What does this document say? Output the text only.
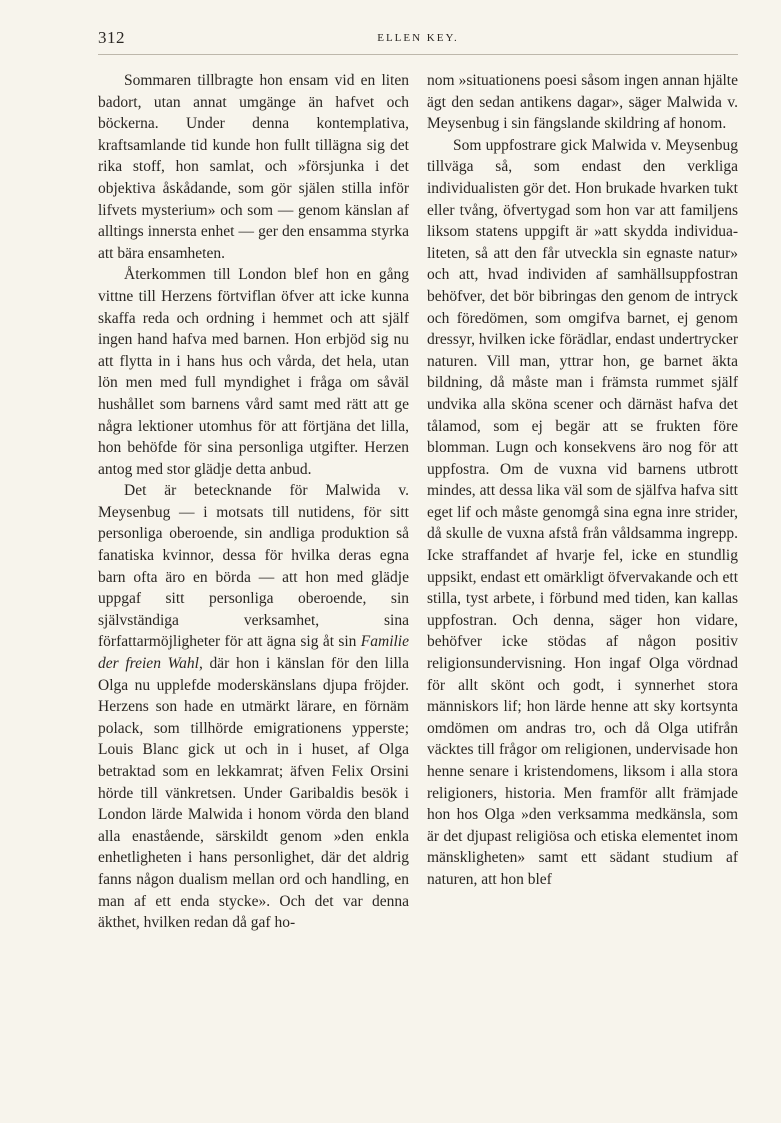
312	ELLEN KEY.

Sommaren tillbragte hon ensam vid en liten badort, utan annat umgänge än hafvet och böckerna. Under denna kontemplativa, kraftsamlande tid kunde hon fullt tillägna sig det rika stoff, hon samlat, och »försjunka i det objektiva åskådande, som gör själen stilla inför lifvets mysterium» och som — genom känslan af alltings innersta enhet — ger den ensamma styrka att bära ensamheten.

Återkommen till London blef hon en gång vittne till Herzens förtviflan öfver att icke kunna skaffa reda och ordning i hemmet och att själf ingen hand hafva med barnen. Hon erbjöd sig nu att flytta in i hans hus och vårda, det hela, utan lön men med full myndighet i fråga om såväl hushållet som barnens vård samt med rätt att ge några lektioner utomhus för att förtjäna det lilla, hon behöfde för sina personliga utgifter. Herzen antog med stor glädje detta anbud.

Det är betecknande för Malwida v. Meysenbug — i motsats till nutidens, för sitt personliga oberoende, sin andliga produktion så fanatiska kvinnor, dessa för hvilka deras egna barn ofta äro en börda — att hon med glädje uppgaf sitt personliga oberoende, sin självständiga verksamhet, sina författarmöjligheter för att ägna sig åt sin Familie der freien Wahl, där hon i känslan för den lilla Olga nu upplefde moderskänslans djupa fröjder. Herzens son hade en utmärkt lärare, en förnäm polack, som tillhörde emigrationens ypperste; Louis Blanc gick ut och in i huset, af Olga betraktad som en lekkamrat; äfven Felix Orsini hörde till vänkretsen. Under Garibaldis besök i London lärde Malwida i honom vörda den bland alla enastående, särskildt genom »den enkla enhetligheten i hans personlighet, där det aldrig fanns någon dualism mellan ord och handling, en man af ett enda stycke». Och det var denna äkthet, hvilken redan då gaf ho-

nom »situationens poesi såsom ingen annan hjälte ägt den sedan antikens dagar», säger Malwida v. Meysenbug i sin fängslande skildring af honom.

Som uppfostrare gick Malwida v. Meysenbug tillväga så, som endast den verkliga individualisten gör det. Hon brukade hvarken tukt eller tvång, öfvertygad som hon var att familjens liksom statens uppgift är »att skydda individualiteten, så att den får utveckla sin egnaste natur» och att, hvad individen af samhällsuppfostran behöfver, det bör bibringas den genom de intryck och föredömen, som omgifva barnet, ej genom dressyr, hvilken icke förädlar, endast undertrycker naturen. Vill man, yttrar hon, ge barnet äkta bildning, då måste man i främsta rummet själf undvika alla sköna scener och därnäst hafva det tålamod, som ej begär att se frukten före blomman. Lugn och konsekvens äro nog för att uppfostra. Om de vuxna vid barnens utbrott mindes, att dessa lika väl som de själfva hafva sitt eget lif och måste genomgå sina egna inre strider, då skulle de vuxna afstå från våldsamma ingrepp. Icke straffandet af hvarje fel, icke en stundlig uppsikt, endast ett omärkligt öfvervakande och ett stilla, tyst arbete, i förbund med tiden, kan kallas uppfostran. Och denna, säger hon vidare, behöfver icke stödas af någon positiv religionsundervisning. Hon ingaf Olga vördnad för allt skönt och godt, i synnerhet stora människors lif; hon lärde henne att sky kortsynta omdömen om andras tro, och då Olga utifrån väcktes till frågor om religionen, undervisade hon henne senare i kristendomens, liksom i alla stora religioners, historia. Men framför allt främjade hon hos Olga »den verksamma medkänsla, som är det djupast religiösa och etiska elementet inom mänskligheten» samt ett sädant studium af naturen, att hon blef
